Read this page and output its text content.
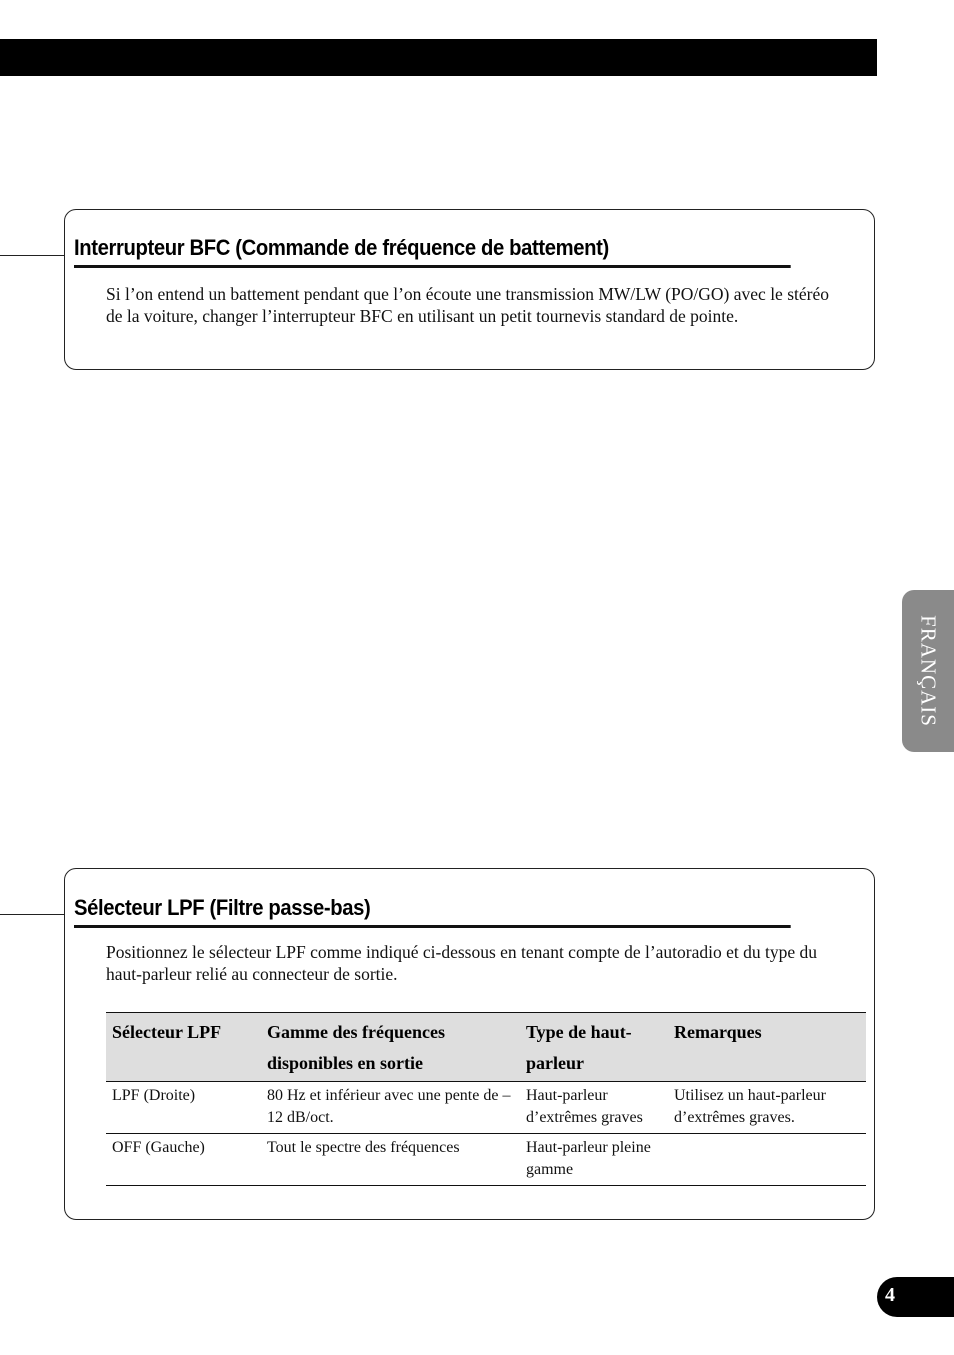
Interrupteur BFC (Commande de fréquence de battement)

Si l’on entend un battement pendant que l’on écoute une transmission MW/LW (PO/GO) avec le stéréo de la voiture, changer l’interrupteur BFC en utilisant un petit tournevis standard de pointe.

Sélecteur LPF (Filtre passe-bas)

Positionnez le sélecteur LPF comme indiqué ci-dessous en tenant compte de l’autoradio et du type du haut-parleur relié au connecteur de sortie.

Sélecteur LPF	Gamme des fréquences disponibles en sortie	Type de haut-parleur	Remarques
LPF (Droite)	80 Hz et inférieur avec une pente de –12 dB/oct.	Haut-parleur d’extrêmes graves	Utilisez un haut-parleur d’extrêmes graves.
OFF (Gauche)	Tout le spectre des fréquences	Haut-parleur pleine gamme	
FRANÇAIS
4
